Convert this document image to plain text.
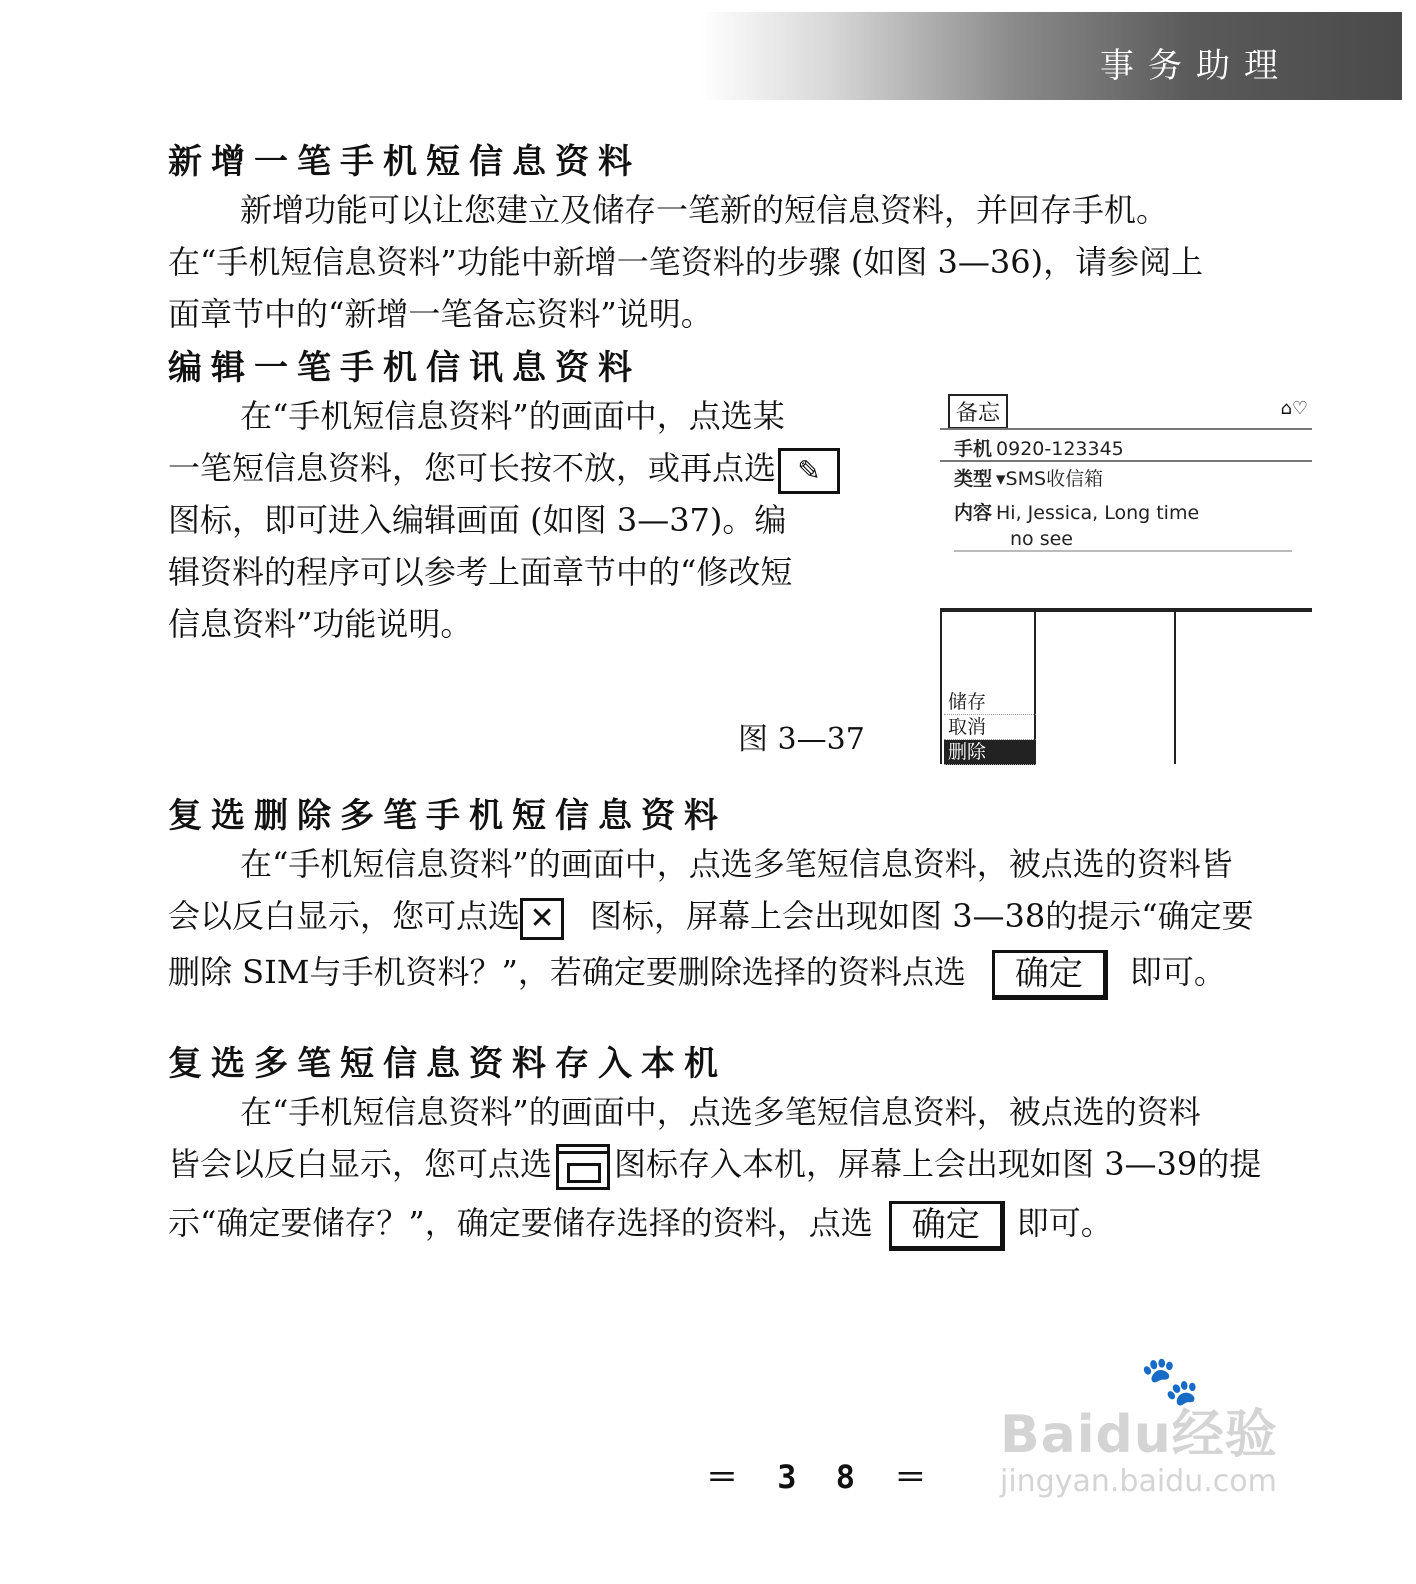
事务助理
新增一笔手机短信息资料
新增功能可以让您建立及储存一笔新的短信息资料，并回存手机。
在“手机短信息资料”功能中新增一笔资料的步骤 (如图 3—36)，请参阅上
面章节中的“新增一笔备忘资料”说明。
编辑一笔手机信讯息资料
在“手机短信息资料”的画面中，点选某
一笔短信息资料，您可长按不放，或再点选 ✎
图标，即可进入编辑画面 (如图 3—37)。编
辑资料的程序可以参考上面章节中的“修改短
信息资料”功能说明。
备忘	⌂♡
手机 0920-123345
类型 ▾SMS收信箱
内容 Hi, Jessica, Long time
no see
储存
取消
删除
图 3—37
复选删除多笔手机短信息资料
在“手机短信息资料”的画面中，点选多笔短信息资料，被点选的资料皆
会以反白显示，您可点选 ✕ 图标，屏幕上会出现如图 3—38的提示“确定要
删除 SIM与手机资料？”，若确定要删除选择的资料点选 确定 即可。
复选多笔短信息资料存入本机
在“手机短信息资料”的画面中，点选多笔短信息资料，被点选的资料
皆会以反白显示，您可点选 图标存入本机，屏幕上会出现如图 3—39的提
示“确定要储存？”，确定要储存选择的资料，点选 确定 即可。
＝ 3 8 ＝
🐾
Baidu经验
jingyan.baidu.com
